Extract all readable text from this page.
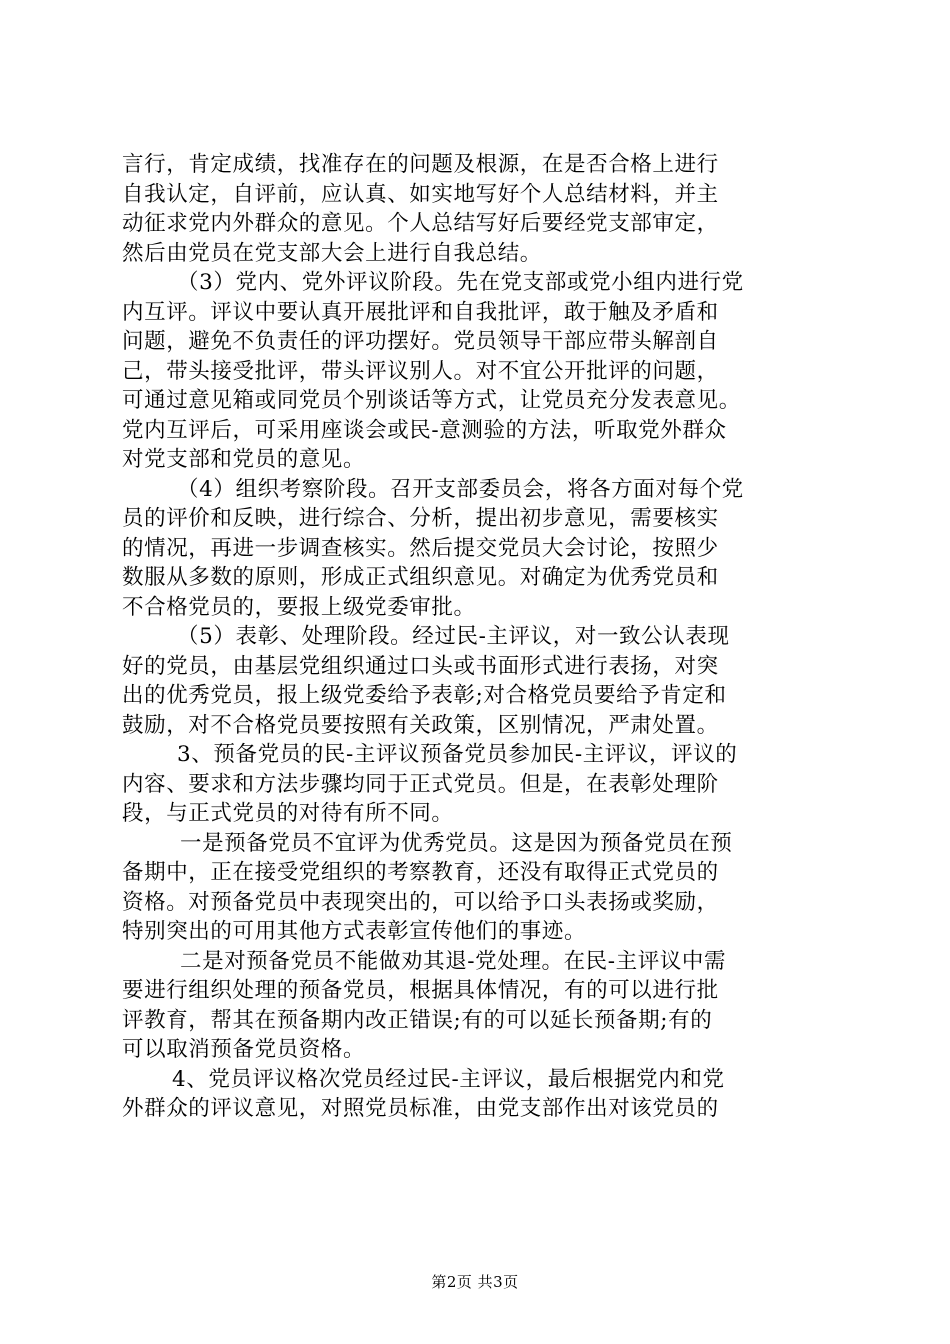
言行，肯定成绩，找准存在的问题及根源，在是否合格上进行
自我认定，自评前，应认真、如实地写好个人总结材料，并主
动征求党内外群众的意见。个人总结写好后要经党支部审定，
然后由党员在党支部大会上进行自我总结。
（3）党内、党外评议阶段。先在党支部或党小组内进行党
内互评。评议中要认真开展批评和自我批评，敢于触及矛盾和
问题，避免不负责任的评功摆好。党员领导干部应带头解剖自
己，带头接受批评，带头评议别人。对不宜公开批评的问题，
可通过意见箱或同党员个别谈话等方式，让党员充分发表意见。
党内互评后，可采用座谈会或民-意测验的方法，听取党外群众
对党支部和党员的意见。
（4）组织考察阶段。召开支部委员会，将各方面对每个党
员的评价和反映，进行综合、分析，提出初步意见，需要核实
的情况，再进一步调查核实。然后提交党员大会讨论，按照少
数服从多数的原则，形成正式组织意见。对确定为优秀党员和
不合格党员的，要报上级党委审批。
（5）表彰、处理阶段。经过民-主评议，对一致公认表现
好的党员，由基层党组织通过口头或书面形式进行表扬，对突
出的优秀党员，报上级党委给予表彰;对合格党员要给予肯定和
鼓励，对不合格党员要按照有关政策，区别情况，严肃处置。
3、预备党员的民-主评议预备党员参加民-主评议，评议的
内容、要求和方法步骤均同于正式党员。但是，在表彰处理阶
段，与正式党员的对待有所不同。
一是预备党员不宜评为优秀党员。这是因为预备党员在预
备期中，正在接受党组织的考察教育，还没有取得正式党员的
资格。对预备党员中表现突出的，可以给予口头表扬或奖励，
特别突出的可用其他方式表彰宣传他们的事迹。
二是对预备党员不能做劝其退-党处理。在民-主评议中需
要进行组织处理的预备党员，根据具体情况，有的可以进行批
评教育，帮其在预备期内改正错误;有的可以延长预备期;有的
可以取消预备党员资格。
4、党员评议格次党员经过民-主评议，最后根据党内和党
外群众的评议意见，对照党员标准，由党支部作出对该党员的
第2页 共3页
